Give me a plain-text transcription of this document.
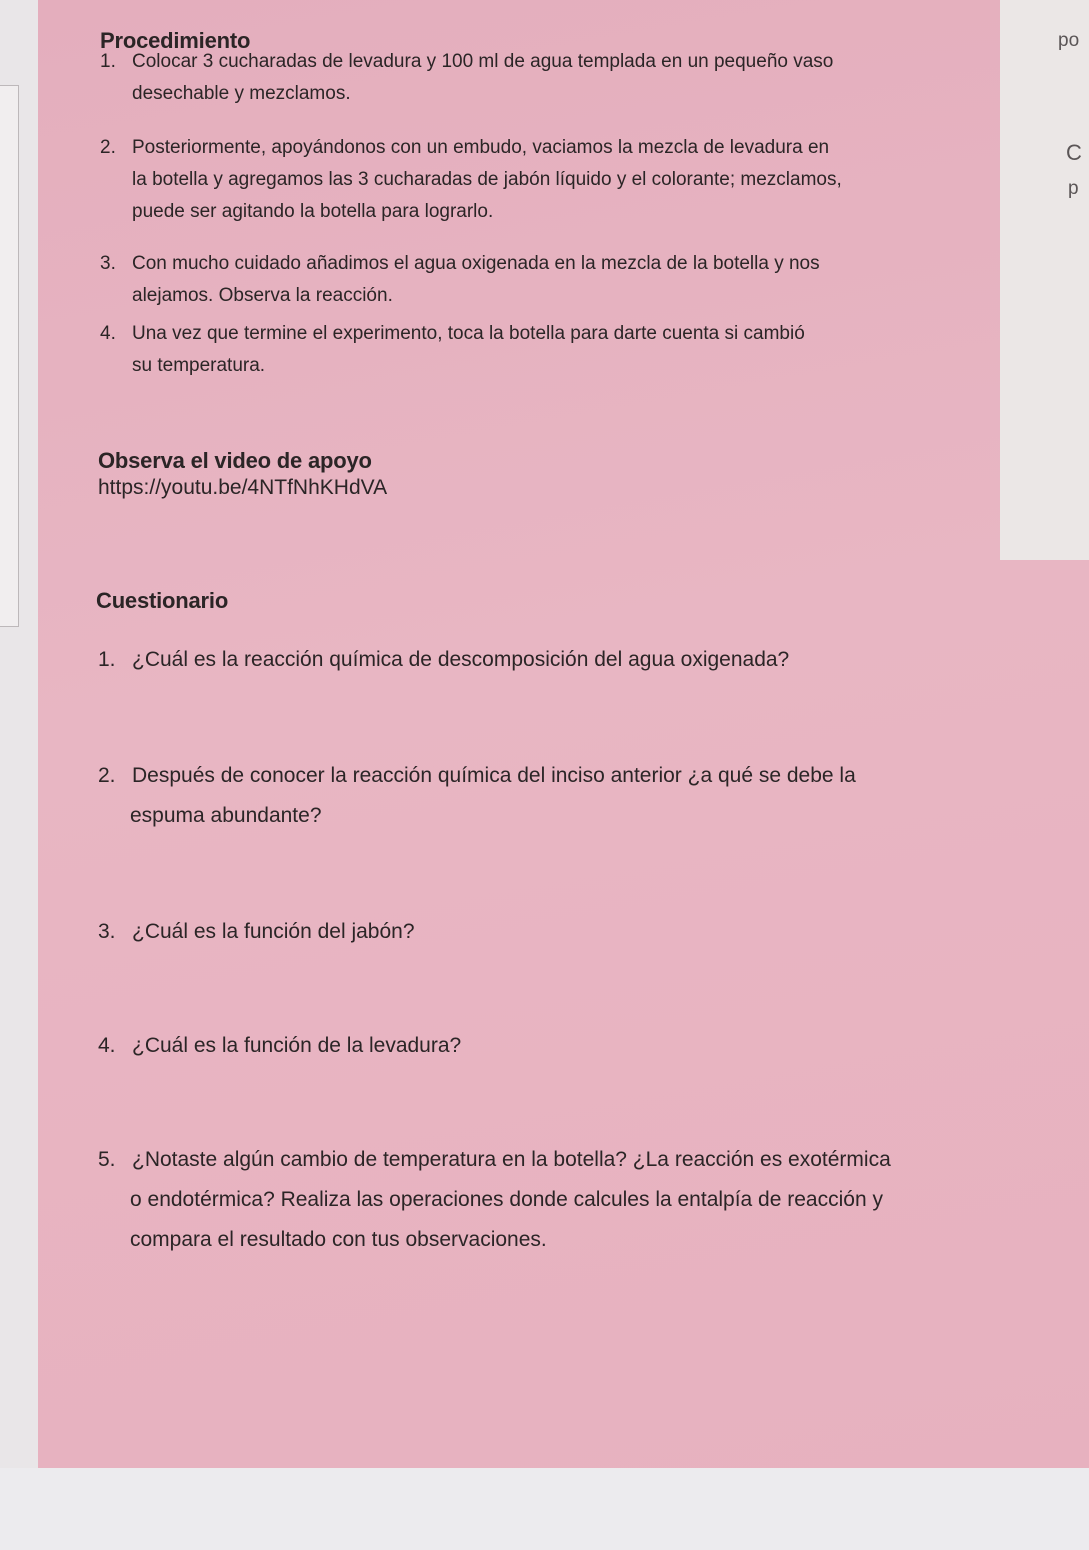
po
C
p
Procedimiento
1. Colocar 3 cucharadas de levadura y 100 ml de agua templada en un pequeño vaso
desechable y mezclamos.
2. Posteriormente, apoyándonos con un embudo, vaciamos la mezcla de levadura en
la botella y agregamos las 3 cucharadas de jabón líquido y el colorante; mezclamos,
puede ser agitando la botella para lograrlo.
3. Con mucho cuidado añadimos el agua oxigenada en la mezcla de la botella y nos
alejamos. Observa la reacción.
4. Una vez que termine el experimento, toca la botella para darte cuenta si cambió
su temperatura.
Observa el video de apoyo
https://youtu.be/4NTfNhKHdVA
Cuestionario
1. ¿Cuál es la reacción química de descomposición del agua oxigenada?
2. Después de conocer la reacción química del inciso anterior ¿a qué se debe la
espuma abundante?
3. ¿Cuál es la función del jabón?
4. ¿Cuál es la función de la levadura?
5. ¿Notaste algún cambio de temperatura en la botella? ¿La reacción es exotérmica
o endotérmica? Realiza las operaciones donde calcules la entalpía de reacción y
compara el resultado con tus observaciones.
